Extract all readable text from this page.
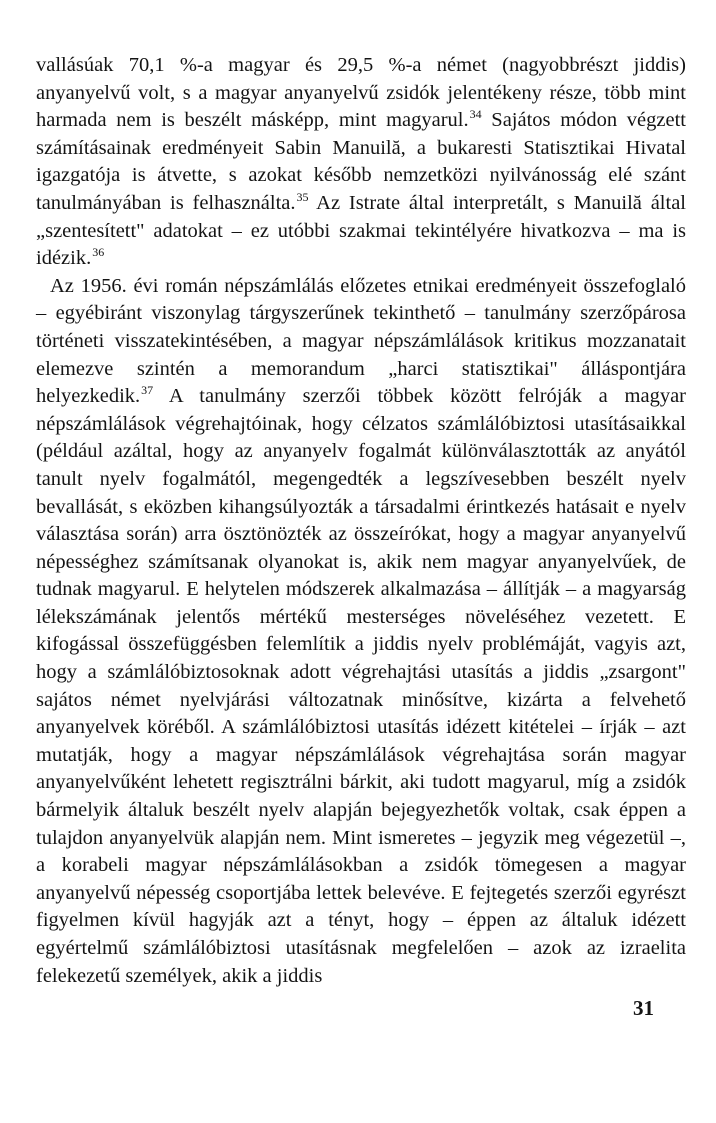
vallásúak 70,1 %-a magyar és 29,5 %-a német (nagyobbrészt jiddis) anyanyelvű volt, s a magyar anyanyelvű zsidók jelentékeny része, több mint harmada nem is beszélt másképp, mint magyarul.$^{34}$ Sajátos módon végzett számításainak eredményeit Sabin Manuilă, a bukaresti Statisztikai Hivatal igazgatója is átvette, s azokat később nemzetközi nyilvánosság elé szánt tanulmányában is felhasználta.$^{35}$ Az Istrate által interpretált, s Manuilă által „szentesített" adatokat – ez utóbbi szakmai tekintélyére hivatkozva – ma is idézik.$^{36}$

Az 1956. évi román népszámlálás előzetes etnikai eredményeit összefoglaló – egyébiránt viszonylag tárgyszerűnek tekinthető – tanulmány szerzőpárosa történeti visszatekintésében, a magyar népszámlálások kritikus mozzanatait elemezve szintén a memorandum „harci statisztikai" álláspontjára helyezkedik.$^{37}$ A tanulmány szerzői többek között felróják a magyar népszámlálások végrehajtóinak, hogy célzatos számlálóbiztosi utasításaikkal (például azáltal, hogy az anyanyelv fogalmát különválasztották az anyától tanult nyelv fogalmától, megengedték a legszívesebben beszélt nyelv bevallását, s eközben kihangsúlyozták a társadalmi érintkezés hatásait e nyelv választása során) arra ösztönözték az összeírókat, hogy a magyar anyanyelvű népességhez számítsanak olyanokat is, akik nem magyar anyanyelvűek, de tudnak magyarul. E helytelen módszerek alkalmazása – állítják – a magyarság lélekszámának jelentős mértékű mesterséges növeléséhez vezetett. E kifogással összefüggésben felemlítik a jiddis nyelv problémáját, vagyis azt, hogy a számlálóbiztosoknak adott végrehajtási utasítás a jiddis „zsargont" sajátos német nyelvjárási változatnak minősítve, kizárta a felvehető anyanyelvek köréből. A számlálóbiztosi utasítás idézett kitételei – írják – azt mutatják, hogy a magyar népszámlálások végrehajtása során magyar anyanyelvűként lehetett regisztrálni bárkit, aki tudott magyarul, míg a zsidók bármelyik általuk beszélt nyelv alapján bejegyezhetők voltak, csak éppen a tulajdon anyanyelvük alapján nem. Mint ismeretes – jegyzik meg végezetül –, a korabeli magyar népszámlálásokban a zsidók tömegesen a magyar anyanyelvű népesség csoportjába lettek belevéve. E fejtegetés szerzői egyrészt figyelmen kívül hagyják azt a tényt, hogy – éppen az általuk idézett egyértelmű számlálóbiztosi utasításnak megfelelően – azok az izraelita felekezetű személyek, akik a jiddis

31
